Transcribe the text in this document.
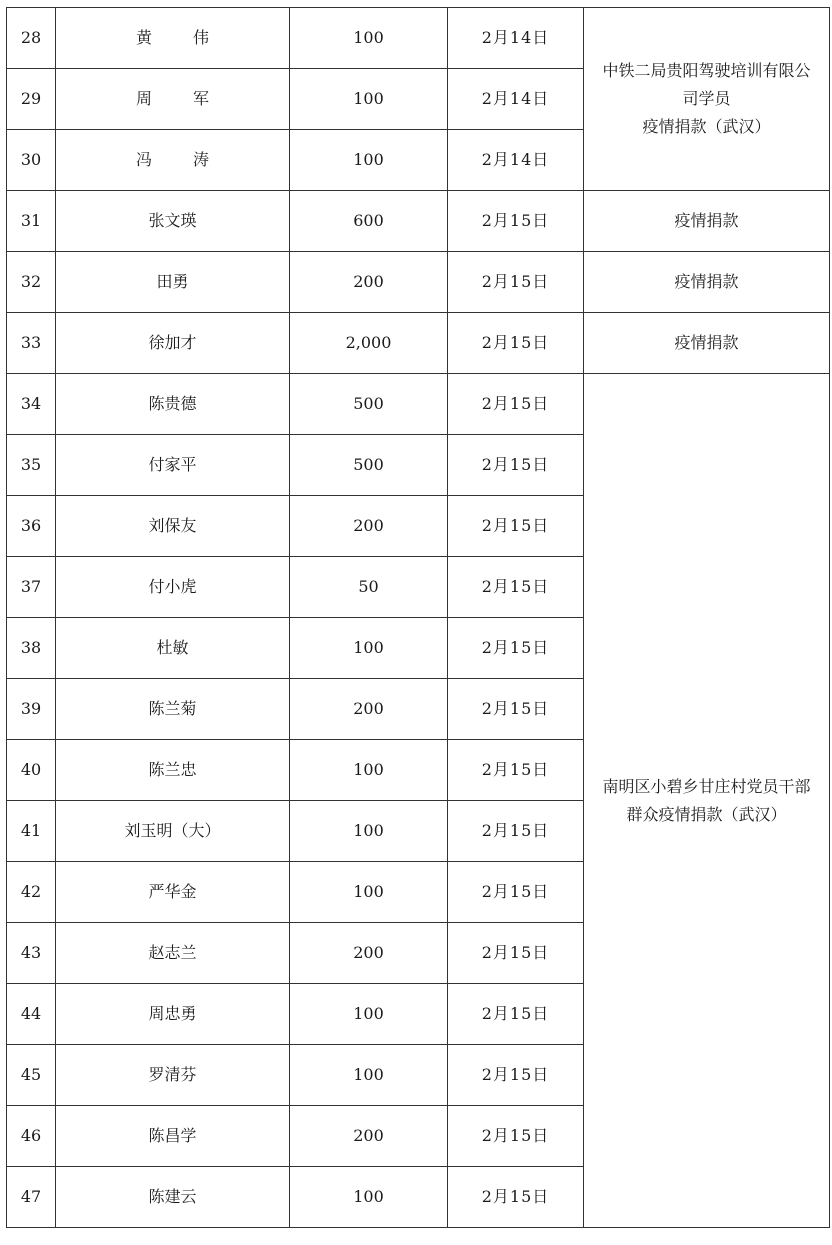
28	黄 伟	100	2月14日	中铁二局贵阳驾驶培训有限公
司学员
疫情捐款（武汉）

29	周 军	100	2月14日	
30	冯 涛	100	2月14日	
31	张文瑛	600	2月15日	疫情捐款
32	田勇	200	2月15日	疫情捐款
33	徐加才	2,000	2月15日	疫情捐款
34	陈贵德	500	2月15日	南明区小碧乡甘庄村党员干部
群众疫情捐款（武汉）

35	付家平	500	2月15日	
36	刘保友	200	2月15日	
37	付小虎	50	2月15日	
38	杜敏	100	2月15日	
39	陈兰菊	200	2月15日	
40	陈兰忠	100	2月15日	
41	刘玉明（大）	100	2月15日	
42	严华金	100	2月15日	
43	赵志兰	200	2月15日	
44	周忠勇	100	2月15日	
45	罗清芬	100	2月15日	
46	陈昌学	200	2月15日	
47	陈建云	100	2月15日	
